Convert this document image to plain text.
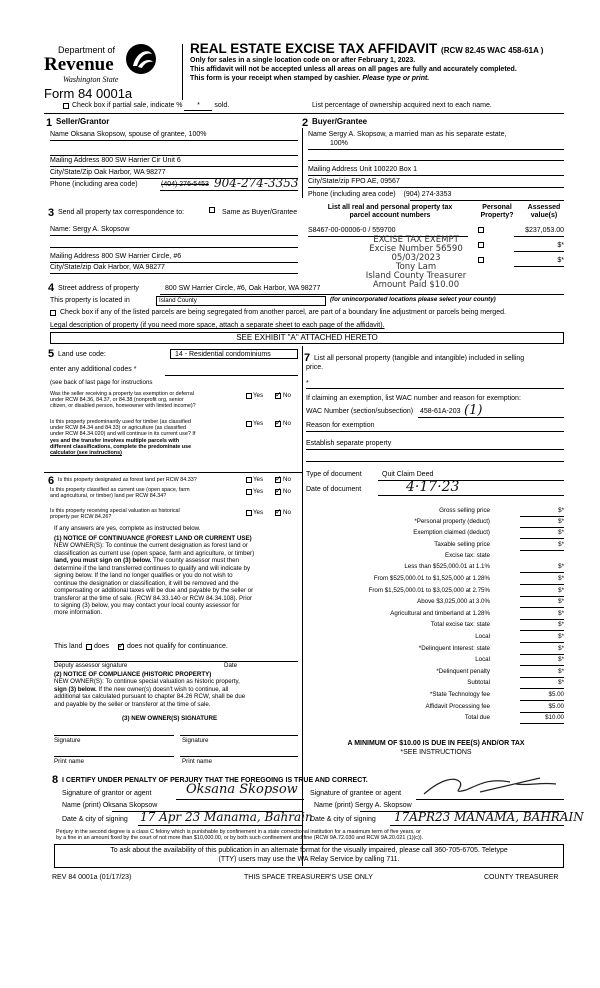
Department of
Revenue
Washington State
Form 84 0001a
REAL ESTATE EXCISE TAX AFFIDAVIT (RCW 82.45 WAC 458-61A )
Only for sales in a single location code on or after February 1, 2023.
This affidavit will not be accepted unless all areas on all pages are fully and accurately completed.
This form is your receipt when stamped by cashier. Please type or print.
Check box if partial sale, indicate % * sold.	List percentage of ownership acquired next to each name.
1 Seller/Grantor	2 Buyer/Grantee
Name Oksana Skopsow, spouse of grantee, 100%
Mailing Address 800 SW Harrier Cir Unit 6
City/State/Zip Oak Harbor, WA 98277
Phone (including area code)	(404) 276-5453 904-274-3353
Name Sergy A. Skopsow, a married man as his separate estate,
100%
Mailing Address Unit 100220 Box 1
City/State/zip FPO AE, 09567
Phone (including area code) (904) 274-3353
3 Send all property tax correspondence to:	Same as Buyer/Grantee
Name: Sergy A. Skopsow
Mailing Address 800 SW Harrier Circle, #6
City/State/zip Oak Harbor, WA 98277
List all real and personal property tax
parcel account numbers
Personal
Property?
Assessed
value(s)
S8467-00-00006-0 / 559700	$237,053.00
$*
$*
EXCISE TAX EXEMPT
Excise Number 56590
05/03/2023
Tony Lam
Island County Treasurer
Amount Paid $10.00
4 Street address of property	800 SW Harrier Circle, #6, Oak Harbor, WA 98277
This property is located in	Island County	(for unincorporated locations please select your county)
Check box if any of the listed parcels are being segregated from another parcel, are part of a boundary line adjustment or parcels being merged.
Legal description of property (if you need more space, attach a separate sheet to each page of the affidavit).
SEE EXHIBIT "A" ATTACHED HERETO
5 Land use code:	14 - Residential condominiums
enter any additional codes *
(see back of last page for instructions
Was the seller receiving a property tax exemption or deferral
under RCW 84.36, 84.37, or 84.38 (nonprofit org, senior
citizen, or disabled person, homeowner with limited income)?
Yes ✓ No
Is this property predominantly used for timber (as classified
under RCW 84.34 and 84.33) or agriculture (as classified
under RCW 84.34.020) and will continue in its current use? If
yes and the transfer involves multiple parcels with
different classifications, complete the predominate use
calculator (see instructions)
Yes ✓ No
7 List all personal property (tangible and intangible) included in selling
price.
*
If claiming an exemption, list WAC number and reason for exemption:
WAC Number (section/subsection) 458-61A-203 (1)
Reason for exemption
Establish separate property
6 Is this property designated as forest land per RCW 84.33?	Yes ✓ No
Is this property classified as current use (open space, farm
and agricultural, or timber) land per RCW 84.34?
Yes ✓ No
Is this property receiving special valuation as historical
property per RCW 84.26?
Yes ✓ No
If any answers are yes, complete as instructed below.
(1) NOTICE OF CONTINUANCE (FOREST LAND OR CURRENT USE)
NEW OWNER(S): To continue the current designation as forest land or
classification as current use (open space, farm and agriculture, or timber)
land, you must sign on (3) below. The county assessor must then
determine if the land transferred continues to qualify and will indicate by
signing below. If the land no longer qualifies or you do not wish to
continue the designation or classification, it will be removed and the
compensating or additional taxes will be due and payable by the seller or
transferor at the time of sale. (RCW 84.33.140 or RCW 84.34.108). Prior
to signing (3) below, you may contact your local county assessor for
more information.
This land does ✓ does not qualify for continuance.
Deputy assessor signature	Date
(2) NOTICE OF COMPLIANCE (HISTORIC PROPERTY)
NEW OWNER(S): To continue special valuation as historic property,
sign (3) below. If the new owner(s) doesn't wish to continue, all
additional tax calculated pursuant to chapter 84.26 RCW, shall be due
and payable by the seller or transferor at the time of sale.
(3) NEW OWNER(S) SIGNATURE
Signature	Signature
Print name	Print name
Type of document	Quit Claim Deed
Date of document	4·17·23
Gross selling price	$*
*Personal property (deduct)	$*
Exemption claimed (deduct)	$*
Taxable selling price	$*
Excise tax: state
Less than $525,000.01 at 1.1%	$*
From $525,000.01 to $1,525,000 at 1.28%	$*
From $1,525,000.01 to $3,025,000 at 2.75%	$*
Above $3,025,000 at 3.0%	$*
Agricultural and timberland at 1.28%	$*
Total excise tax: state	$*
Local	$*
*Delinquent Interest: state	$*
Local	$*
*Delinquent penalty	$*
Subtotal	$*
*State Technology fee	$5.00
Affidavit Processing fee	$5.00
Total due	$10.00
A MINIMUM OF $10.00 IS DUE IN FEE(S) AND/OR TAX
*SEE INSTRUCTIONS
8 I CERTIFY UNDER PENALTY OF PERJURY THAT THE FOREGOING IS TRUE AND CORRECT.
Signature of grantor or agent	Oksana Skopsow Signature of grantee or agent
Name (print) Oksana Skopsow	Name (print) Sergy A. Skopsow
Date & city of signing 17 Apr 23 Manama, Bahrain
Date & city of signing 17APR23 MANAMA, BAHRAIN
Perjury in the second degree is a class C felony which is punishable by confinement in a state correctional institution for a maximum term of five years, or
by a fine in an amount fixed by the court of not more than $10,000.00, or by both such confinement and fine (RCW 9A.72.030 and RCW 9A.20.021 (1)(c)).
To ask about the availability of this publication in an alternate format for the visually impaired, please call 360-705-6705. Teletype
(TTY) users may use the WA Relay Service by calling 711.
REV 84 0001a (01/17/23)	THIS SPACE TREASURER'S USE ONLY	COUNTY TREASURER
